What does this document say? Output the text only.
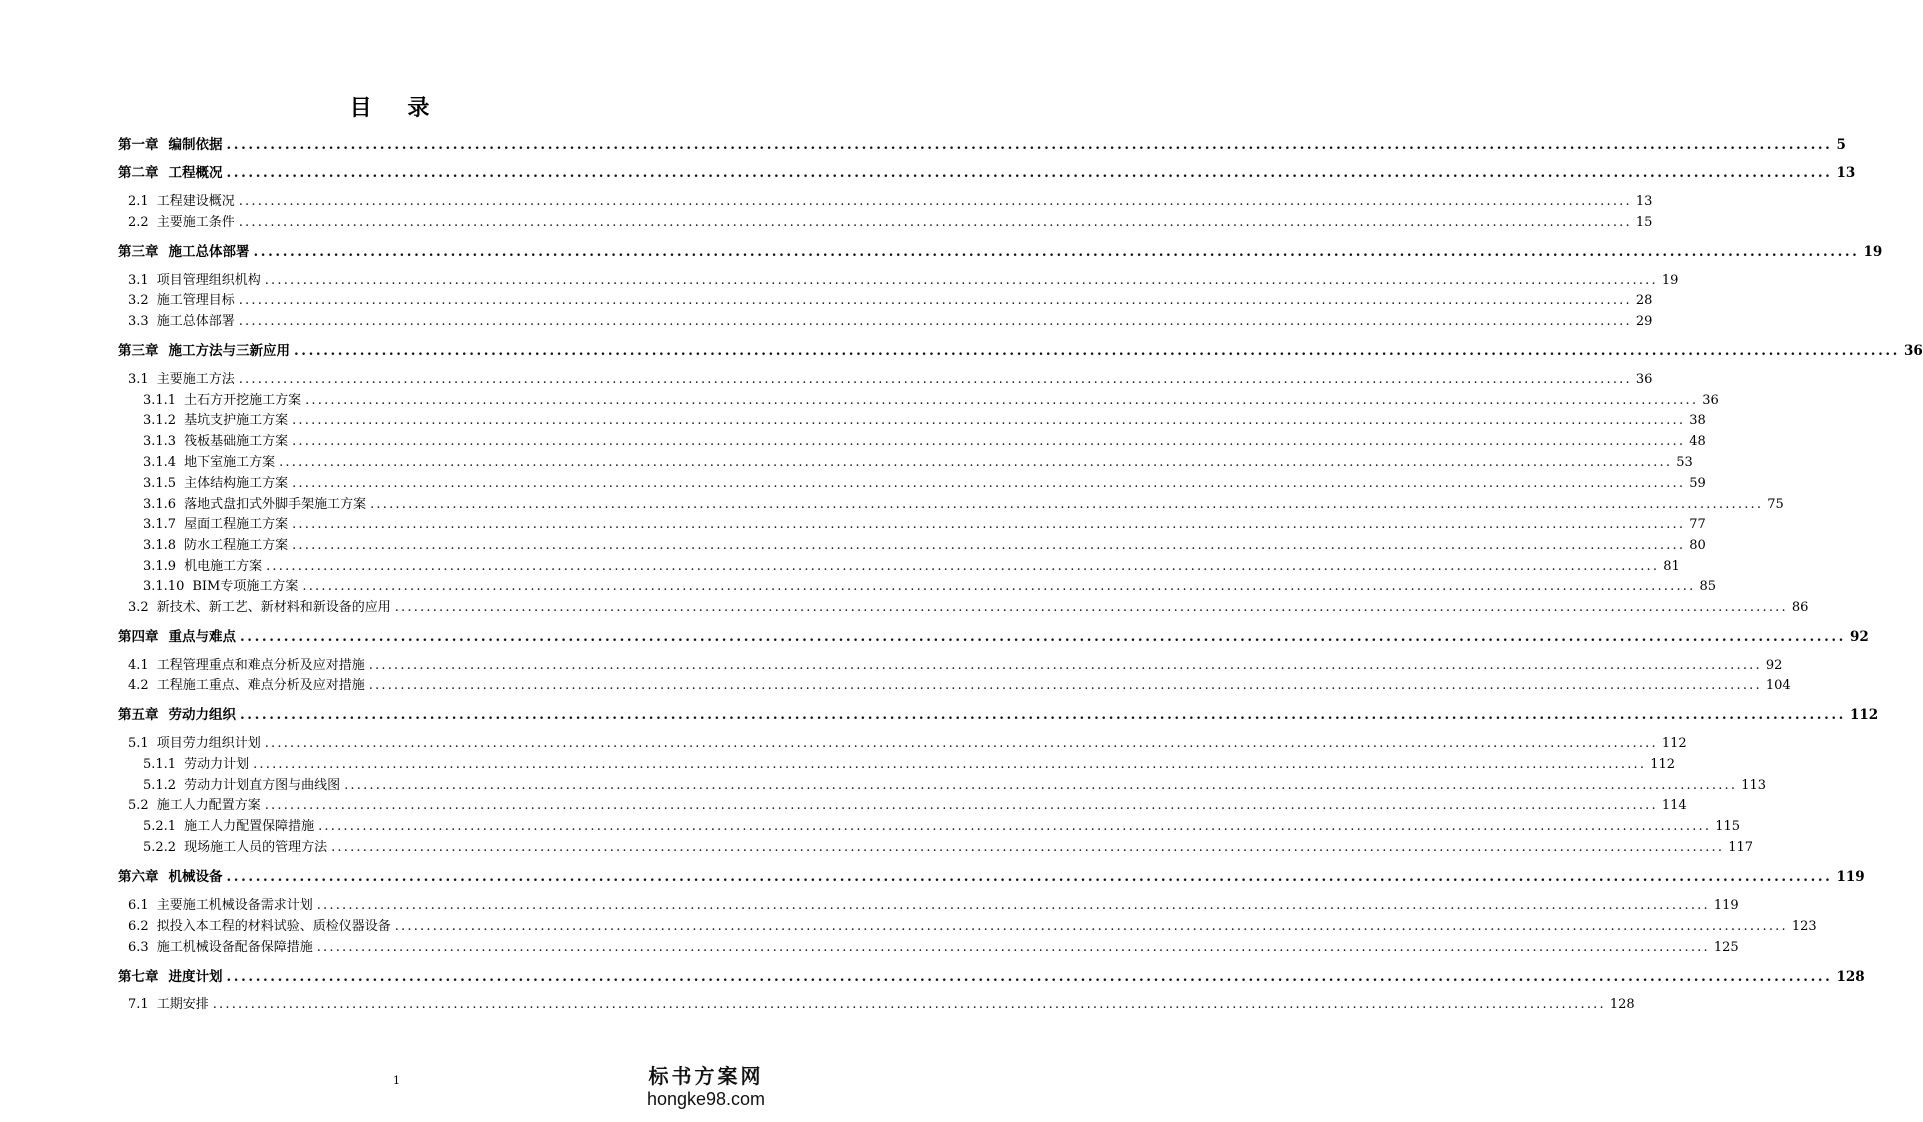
目 录
第一章 编制依据 ............................................................................................................................................................................................................................ 5
第二章 工程概况 ............................................................................................................................................................................................................................ 13
2.1 工程建设概况 ............................................................................................................................................................................................................................ 13
2.2 主要施工条件 ............................................................................................................................................................................................................................ 15
第三章 施工总体部署 ............................................................................................................................................................................................................................ 19
3.1 项目管理组织机构 ............................................................................................................................................................................................................................ 19
3.2 施工管理目标 ............................................................................................................................................................................................................................ 28
3.3 施工总体部署 ............................................................................................................................................................................................................................ 29
第三章 施工方法与三新应用 ............................................................................................................................................................................................................................ 36
3.1 主要施工方法 ............................................................................................................................................................................................................................ 36
3.1.1 土石方开挖施工方案 ............................................................................................................................................................................................................................ 36
3.1.2 基坑支护施工方案 ............................................................................................................................................................................................................................ 38
3.1.3 筏板基础施工方案 ............................................................................................................................................................................................................................ 48
3.1.4 地下室施工方案 ............................................................................................................................................................................................................................ 53
3.1.5 主体结构施工方案 ............................................................................................................................................................................................................................ 59
3.1.6 落地式盘扣式外脚手架施工方案 ............................................................................................................................................................................................................................ 75
3.1.7 屋面工程施工方案 ............................................................................................................................................................................................................................ 77
3.1.8 防水工程施工方案 ............................................................................................................................................................................................................................ 80
3.1.9 机电施工方案 ............................................................................................................................................................................................................................ 81
3.1.10 BIM专项施工方案 ............................................................................................................................................................................................................................ 85
3.2 新技术、新工艺、新材料和新设备的应用 ............................................................................................................................................................................................................................ 86
第四章 重点与难点 ............................................................................................................................................................................................................................ 92
4.1 工程管理重点和难点分析及应对措施 ............................................................................................................................................................................................................................ 92
4.2 工程施工重点、难点分析及应对措施 ............................................................................................................................................................................................................................ 104
第五章 劳动力组织 ............................................................................................................................................................................................................................ 112
5.1 项目劳力组织计划 ............................................................................................................................................................................................................................ 112
5.1.1 劳动力计划 ............................................................................................................................................................................................................................ 112
5.1.2 劳动力计划直方图与曲线图 ............................................................................................................................................................................................................................ 113
5.2 施工人力配置方案 ............................................................................................................................................................................................................................ 114
5.2.1 施工人力配置保障措施 ............................................................................................................................................................................................................................ 115
5.2.2 现场施工人员的管理方法 ............................................................................................................................................................................................................................ 117
第六章 机械设备 ............................................................................................................................................................................................................................ 119
6.1 主要施工机械设备需求计划 ............................................................................................................................................................................................................................ 119
6.2 拟投入本工程的材料试验、质检仪器设备 ............................................................................................................................................................................................................................ 123
6.3 施工机械设备配备保障措施 ............................................................................................................................................................................................................................ 125
第七章 进度计划 ............................................................................................................................................................................................................................ 128
7.1 工期安排 ............................................................................................................................................................................................................................ 128
1	标书方案网
hongke98.com
